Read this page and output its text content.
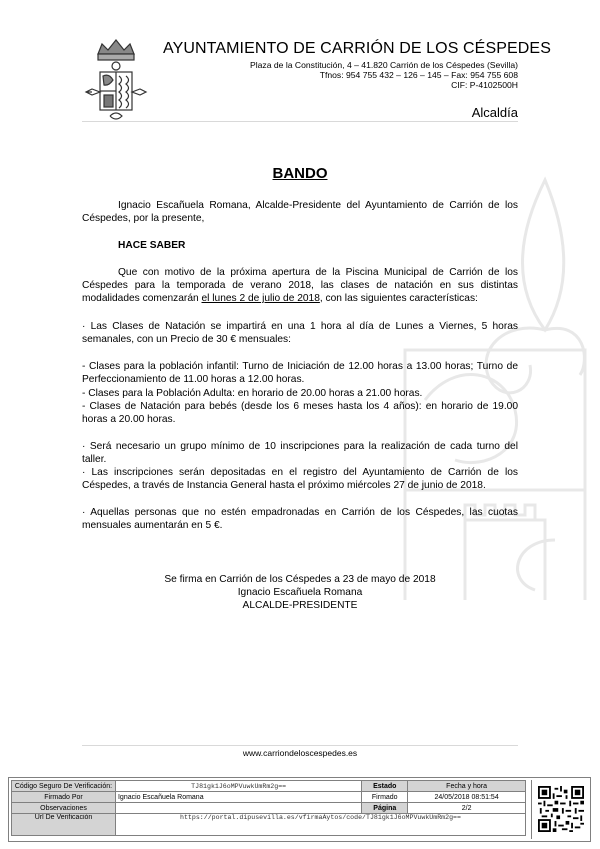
AYUNTAMIENTO DE CARRIÓN DE LOS CÉSPEDES
Plaza de la Constitución, 4 – 41.820 Carrión de los Céspedes (Sevilla)
Tfnos: 954 755 432 – 126 – 145 – Fax: 954 755 608
CIF: P-4102500H
Alcaldía
BANDO
Ignacio Escañuela Romana, Alcalde-Presidente del Ayuntamiento de Carrión de los Céspedes, por la presente,
HACE SABER
Que con motivo de la próxima apertura de la Piscina Municipal de Carrión de los Céspedes para la temporada de verano 2018, las clases de natación en sus distintas modalidades comenzarán el lunes 2 de julio de 2018, con las siguientes características:
· Las Clases de Natación se impartirá en una 1 hora al día de Lunes a Viernes, 5 horas semanales, con un Precio de 30 € mensuales:
- Clases para la población infantil: Turno de Iniciación de 12.00 horas a 13.00 horas; Turno de Perfeccionamiento de 11.00 horas a 12.00 horas.
- Clases para la Población Adulta: en horario de 20.00 horas a 21.00 horas.
- Clases de Natación para bebés (desde los 6 meses hasta los 4 años): en horario de 19.00 horas a 20.00 horas.
· Será necesario un grupo mínimo de 10 inscripciones para la realización de cada turno del taller.
· Las inscripciones serán depositadas en el registro del Ayuntamiento de Carrión de los Céspedes, a través de Instancia General hasta el próximo miércoles 27 de junio de 2018.
· Aquellas personas que no estén empadronadas en Carrión de los Céspedes, las cuotas mensuales aumentarán en 5 €.
Se firma en Carrión de los Céspedes a 23 de mayo de 2018
Ignacio Escañuela Romana
ALCALDE-PRESIDENTE
www.carriondeloscespedes.es
Código Seguro De Verificación:	TJ81gk1J6oMPVuwkUmRm2g==	Estado	Fecha y hora
Firmado Por	Ignacio Escañuela Romana	Firmado	24/05/2018 08:51:54
Observaciones		Página	2/2
Url De Verificación	https://portal.dipusevilla.es/vfirmaAytos/code/TJ81gk1J6oMPVuwkUmRm2g==		
